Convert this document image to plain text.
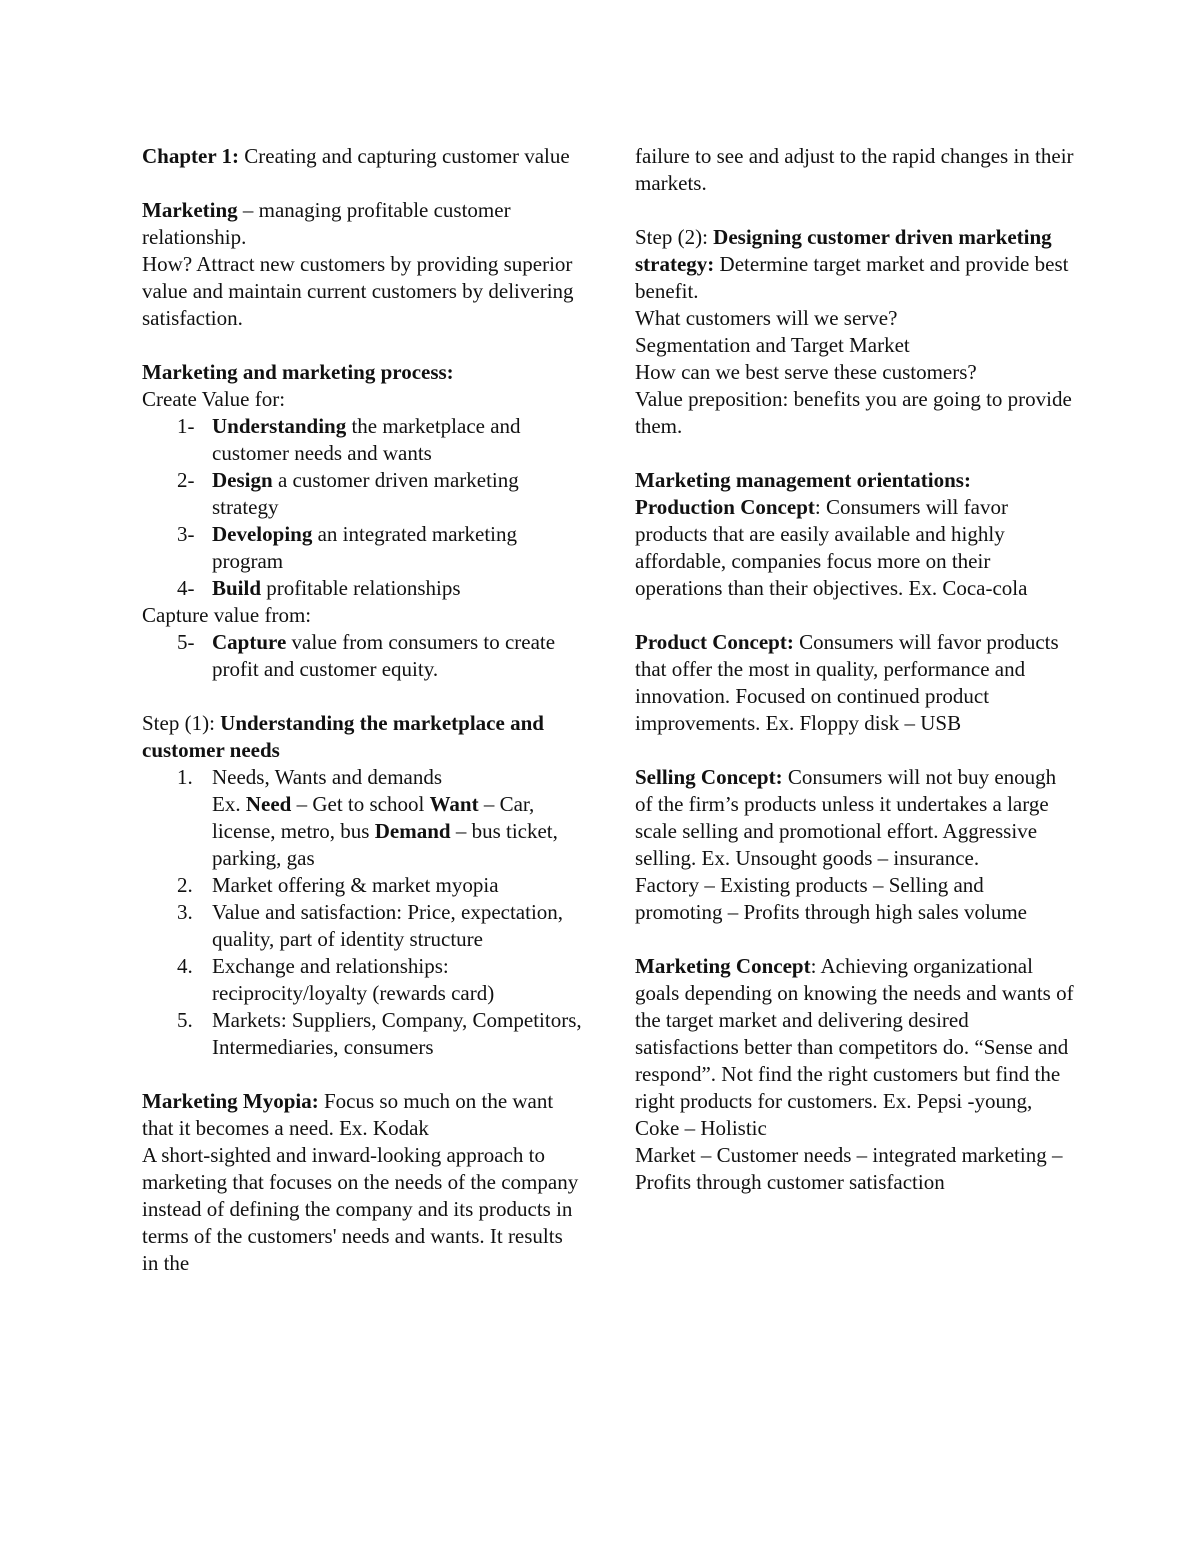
Chapter 1: Creating and capturing customer value

Marketing – managing profitable customer relationship.

How? Attract new customers by providing superior value and maintain current customers by delivering satisfaction.

Marketing and marketing process:

Create Value for:

1- Understanding the marketplace and customer needs and wants
2- Design a customer driven marketing strategy
3- Developing an integrated marketing program
4- Build profitable relationships

Capture value from:

5- Capture value from consumers to create profit and customer equity.

Step (1): Understanding the marketplace and customer needs

1. Needs, Wants and demands
Ex. Need – Get to school Want – Car, license, metro, bus Demand – bus ticket, parking, gas
2. Market offering & market myopia
3. Value and satisfaction: Price, expectation, quality, part of identity structure
4. Exchange and relationships: reciprocity/loyalty (rewards card)
5. Markets: Suppliers, Company, Competitors, Intermediaries, consumers

Marketing Myopia: Focus so much on the want that it becomes a need. Ex. Kodak

A short-sighted and inward-looking approach to marketing that focuses on the needs of the company instead of defining the company and its products in terms of the customers' needs and wants. It results in the

failure to see and adjust to the rapid changes in their markets.

Step (2): Designing customer driven marketing strategy: Determine target market and provide best benefit.

What customers will we serve?

Segmentation and Target Market

How can we best serve these customers?

Value preposition: benefits you are going to provide them.

Marketing management orientations:

Production Concept: Consumers will favor products that are easily available and highly affordable, companies focus more on their operations than their objectives. Ex. Coca-cola

Product Concept: Consumers will favor products that offer the most in quality, performance and innovation. Focused on continued product improvements. Ex. Floppy disk – USB

Selling Concept: Consumers will not buy enough of the firm’s products unless it undertakes a large scale selling and promotional effort. Aggressive selling. Ex. Unsought goods – insurance.

Factory – Existing products – Selling and promoting – Profits through high sales volume

Marketing Concept: Achieving organizational goals depending on knowing the needs and wants of the target market and delivering desired satisfactions better than competitors do. “Sense and respond”. Not find the right customers but find the right products for customers. Ex. Pepsi -young, Coke – Holistic

Market – Customer needs – integrated marketing – Profits through customer satisfaction
